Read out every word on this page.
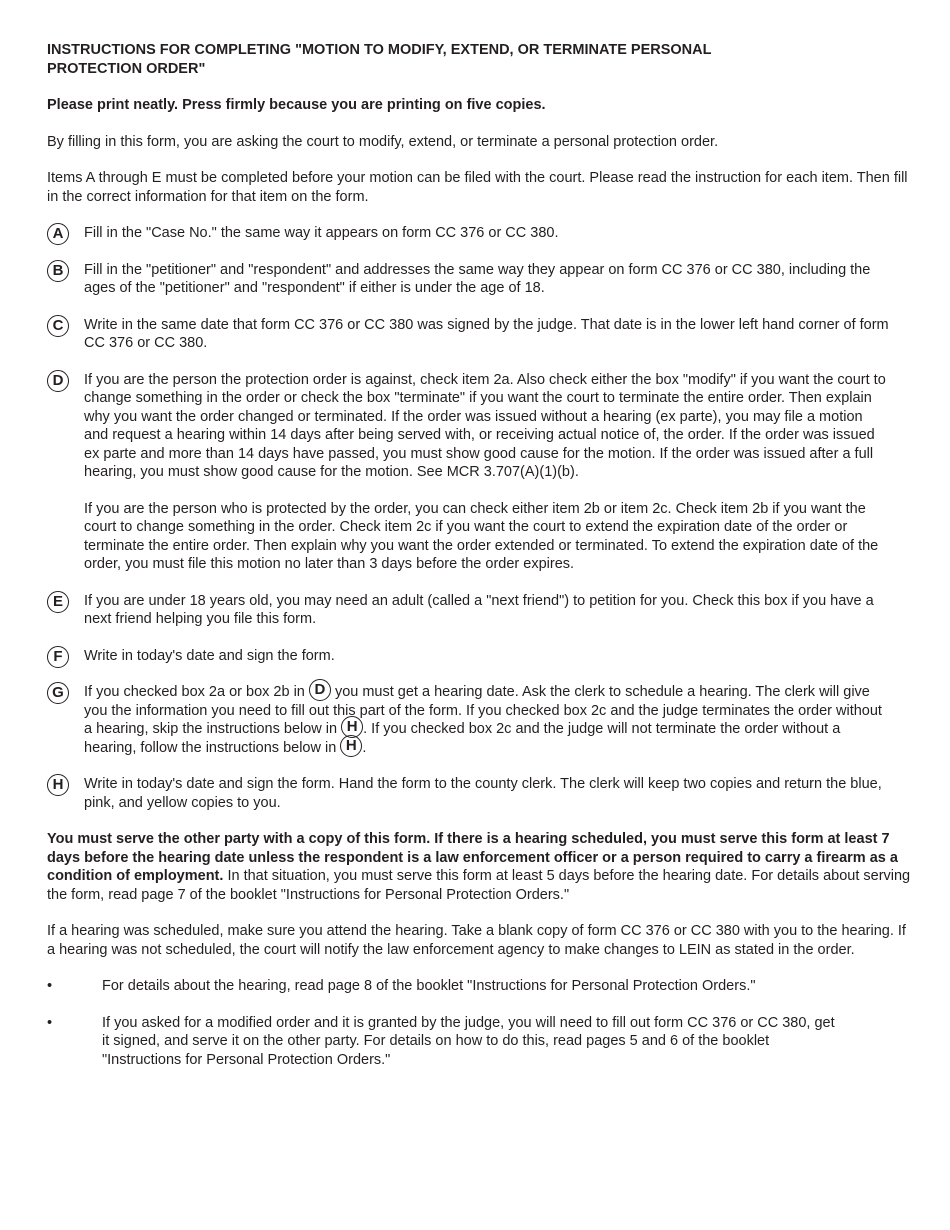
INSTRUCTIONS FOR COMPLETING "MOTION TO MODIFY, EXTEND, OR TERMINATE PERSONAL PROTECTION ORDER"

Please print neatly. Press firmly because you are printing on five copies.

By filling in this form, you are asking the court to modify, extend, or terminate a personal protection order.

Items A through E must be completed before your motion can be filed with the court. Please read the instruction for each item. Then fill in the correct information for that item on the form.

A	Fill in the "Case No." the same way it appears on form CC 376 or CC 380.

B	Fill in the "petitioner" and "respondent" and addresses the same way they appear on form CC 376 or CC 380, including the ages of the "petitioner" and "respondent" if either is under the age of 18.

C	Write in the same date that form CC 376 or CC 380 was signed by the judge. That date is in the lower left hand corner of form CC 376 or CC 380.

D	If you are the person the protection order is against, check item 2a. Also check either the box "modify" if you want the court to change something in the order or check the box "terminate" if you want the court to terminate the entire order. Then explain why you want the order changed or terminated. If the order was issued without a hearing (ex parte), you may file a motion and request a hearing within 14 days after being served with, or receiving actual notice of, the order. If the order was issued ex parte and more than 14 days have passed, you must show good cause for the motion. If the order was issued after a full hearing, you must show good cause for the motion. See MCR 3.707(A)(1)(b).

If you are the person who is protected by the order, you can check either item 2b or item 2c. Check item 2b if you want the court to change something in the order. Check item 2c if you want the court to extend the expiration date of the order or terminate the entire order. Then explain why you want the order extended or terminated. To extend the expiration date of the order, you must file this motion no later than 3 days before the order expires.

E	If you are under 18 years old, you may need an adult (called a "next friend") to petition for you. Check this box if you have a next friend helping you file this form.

F	Write in today's date and sign the form.

G	If you checked box 2a or box 2b in D you must get a hearing date. Ask the clerk to schedule a hearing. The clerk will give you the information you need to fill out this part of the form. If you checked box 2c and the judge terminates the order without a hearing, skip the instructions below in H . If you checked box 2c and the judge will not terminate the order without a hearing, follow the instructions below in H .

H	Write in today's date and sign the form. Hand the form to the county clerk. The clerk will keep two copies and return the blue, pink, and yellow copies to you.

You must serve the other party with a copy of this form. If there is a hearing scheduled, you must serve this form at least 7 days before the hearing date unless the respondent is a law enforcement officer or a person required to carry a firearm as a condition of employment. In that situation, you must serve this form at least 5 days before the hearing date. For details about serving the form, read page 7 of the booklet "Instructions for Personal Protection Orders."

If a hearing was scheduled, make sure you attend the hearing. Take a blank copy of form CC 376 or CC 380 with you to the hearing. If a hearing was not scheduled, the court will notify the law enforcement agency to make changes to LEIN as stated in the order.

•	For details about the hearing, read page 8 of the booklet "Instructions for Personal Protection Orders."
•	If you asked for a modified order and it is granted by the judge, you will need to fill out form CC 376 or CC 380, get it signed, and serve it on the other party. For details on how to do this, read pages 5 and 6 of the booklet "Instructions for Personal Protection Orders."
